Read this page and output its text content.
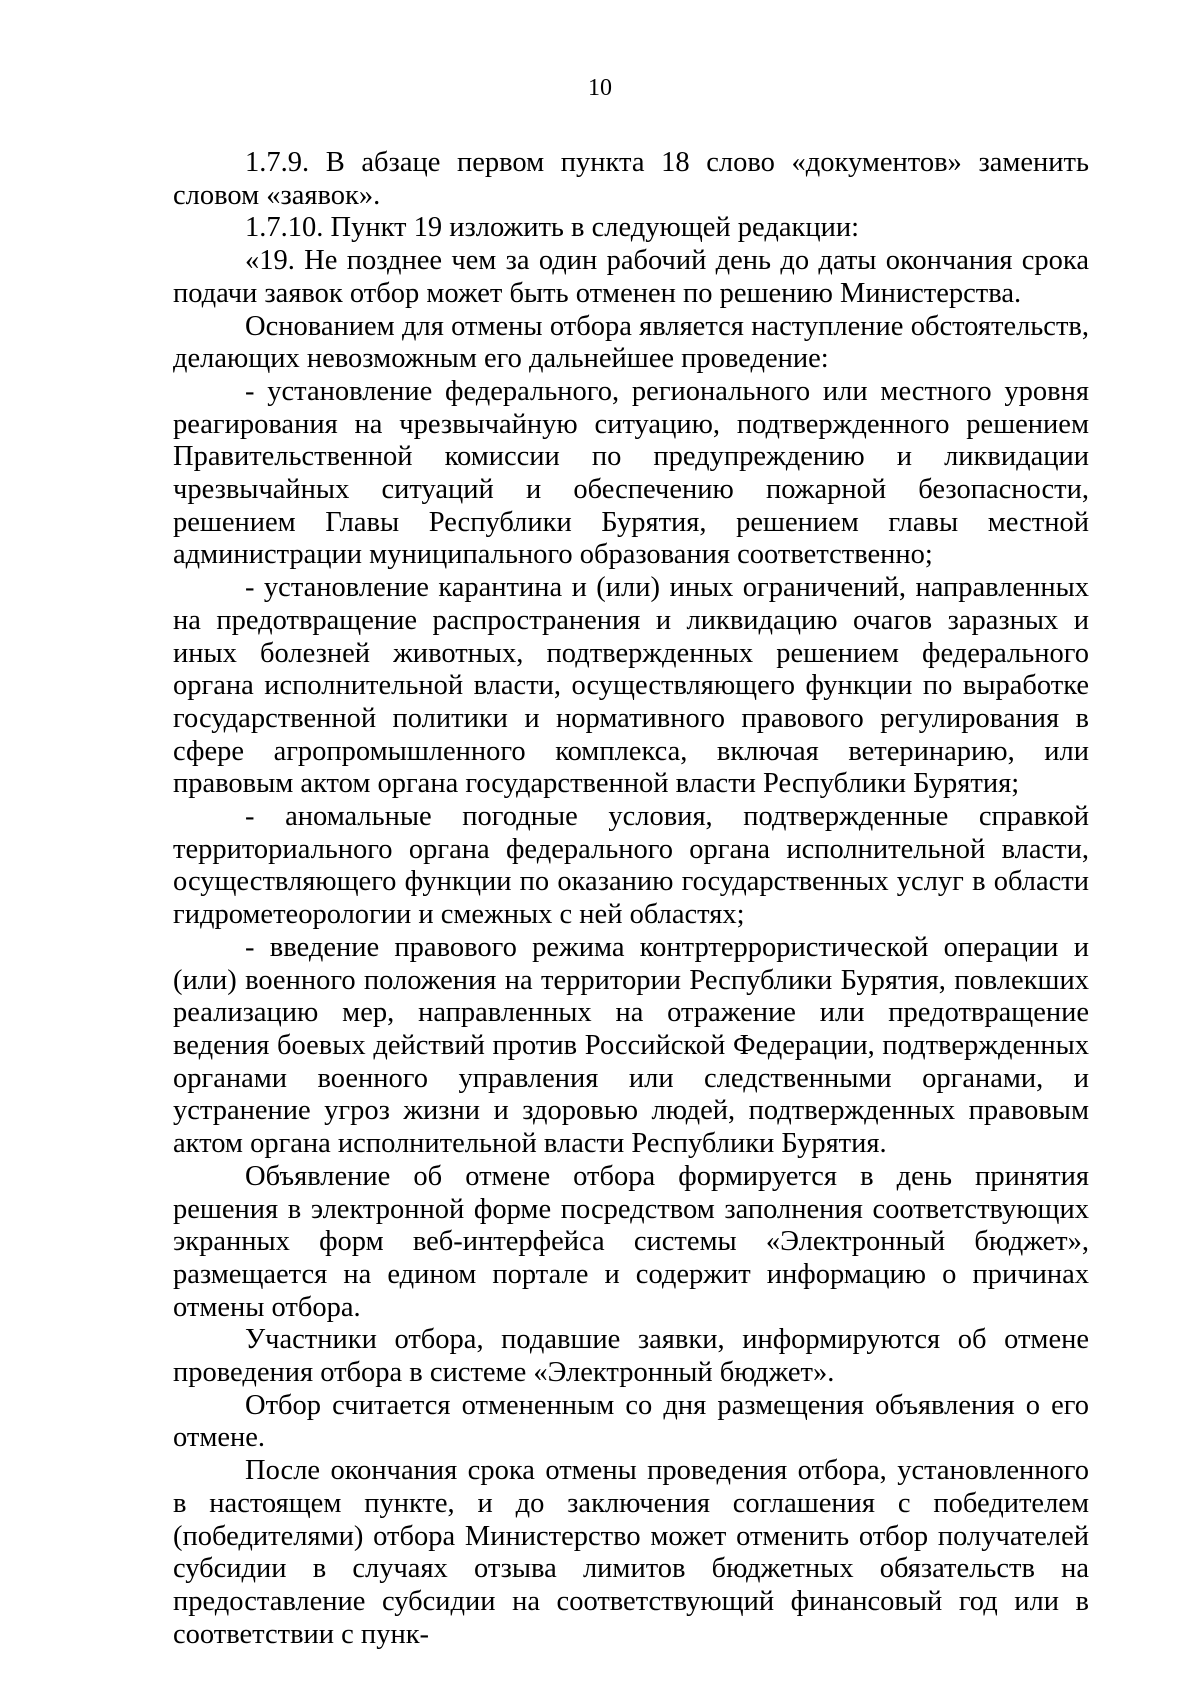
10

1.7.9. В абзаце первом пункта 18 слово «документов» заменить словом «заявок».

1.7.10. Пункт 19 изложить в следующей редакции:

«19. Не позднее чем за один рабочий день до даты окончания срока подачи заявок отбор может быть отменен по решению Министерства.

Основанием для отмены отбора является наступление обстоятельств, делающих невозможным его дальнейшее проведение:

- установление федерального, регионального или местного уровня реагирования на чрезвычайную ситуацию, подтвержденного решением Правительственной комиссии по предупреждению и ликвидации чрезвычайных ситуаций и обеспечению пожарной безопасности, решением Главы Республики Бурятия, решением главы местной администрации муниципального образования соответственно;

- установление карантина и (или) иных ограничений, направленных на предотвращение распространения и ликвидацию очагов заразных и иных болезней животных, подтвержденных решением федерального органа исполнительной власти, осуществляющего функции по выработке государственной политики и нормативного правового регулирования в сфере агропромышленного комплекса, включая ветеринарию, или правовым актом органа государственной власти Республики Бурятия;

- аномальные погодные условия, подтвержденные справкой территориального органа федерального органа исполнительной власти, осуществляющего функции по оказанию государственных услуг в области гидрометеорологии и смежных с ней областях;

- введение правового режима контртеррористической операции и (или) военного положения на территории Республики Бурятия, повлекших реализацию мер, направленных на отражение или предотвращение ведения боевых действий против Российской Федерации, подтвержденных органами военного управления или следственными органами, и устранение угроз жизни и здоровью людей, подтвержденных правовым актом органа исполнительной власти Республики Бурятия.

Объявление об отмене отбора формируется в день принятия решения в электронной форме посредством заполнения соответствующих экранных форм веб-интерфейса системы «Электронный бюджет», размещается на едином портале и содержит информацию о причинах отмены отбора.

Участники отбора, подавшие заявки, информируются об отмене проведения отбора в системе «Электронный бюджет».

Отбор считается отмененным со дня размещения объявления о его отмене.

После окончания срока отмены проведения отбора, установленного в настоящем пункте, и до заключения соглашения с победителем (победителями) отбора Министерство может отменить отбор получателей субсидии в случаях отзыва лимитов бюджетных обязательств на предоставление субсидии на соответствующий финансовый год или в соответствии с пунк-
